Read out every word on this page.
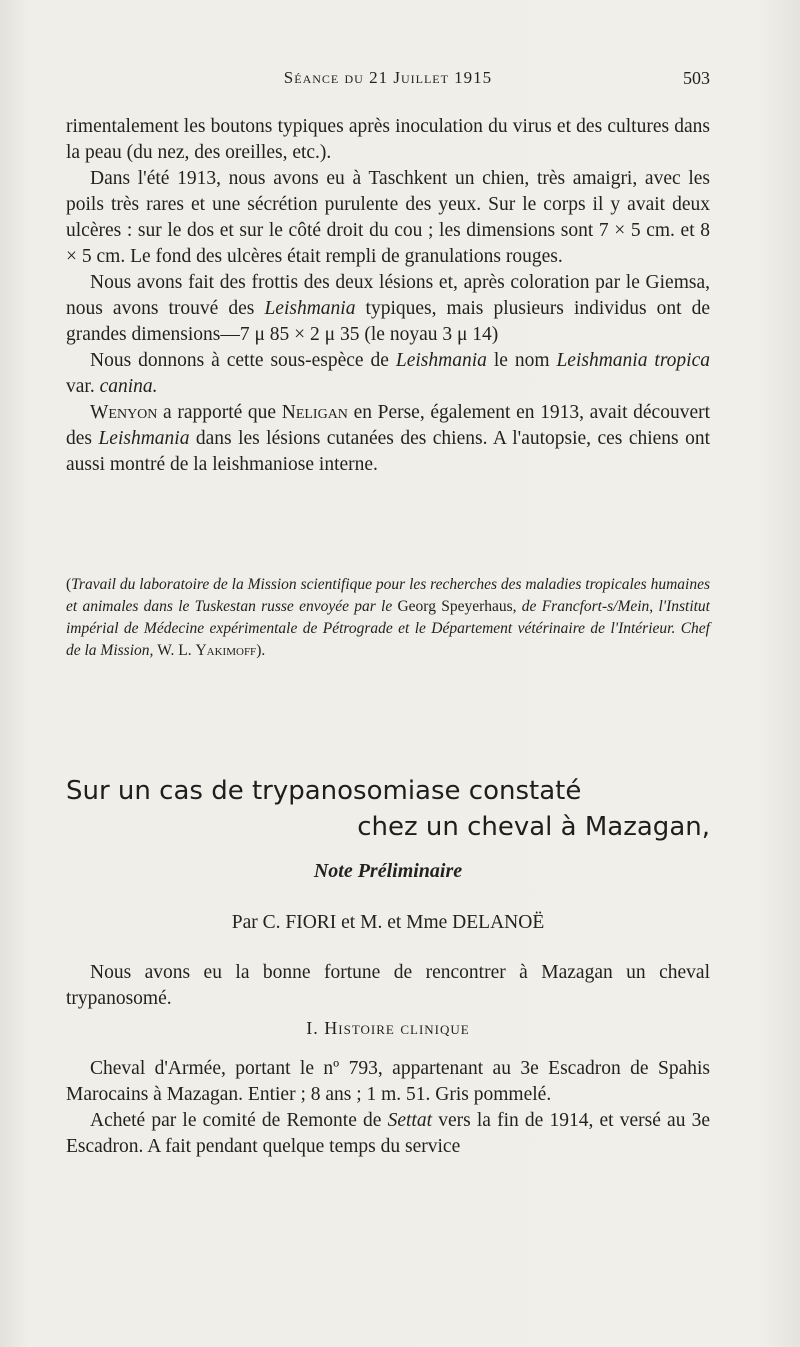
Séance du 21 Juillet 1915	503

rimentalement les boutons typiques après inoculation du virus et des cultures dans la peau (du nez, des oreilles, etc.).

Dans l'été 1913, nous avons eu à Taschkent un chien, très amaigri, avec les poils très rares et une sécrétion purulente des yeux. Sur le corps il y avait deux ulcères : sur le dos et sur le côté droit du cou ; les dimensions sont 7 × 5 cm. et 8 × 5 cm. Le fond des ulcères était rempli de granulations rouges.

Nous avons fait des frottis des deux lésions et, après coloration par le Giemsa, nous avons trouvé des Leishmania typiques, mais plusieurs individus ont de grandes dimensions—7 μ 85 × 2 μ 35 (le noyau 3 μ 14)

Nous donnons à cette sous-espèce de Leishmania le nom Leishmania tropica var. canina.

Wenyon a rapporté que Neligan en Perse, également en 1913, avait découvert des Leishmania dans les lésions cutanées des chiens. A l'autopsie, ces chiens ont aussi montré de la leishmaniose interne.

(Travail du laboratoire de la Mission scientifique pour les recherches des maladies tropicales humaines et animales dans le Tuskestan russe envoyée par le Georg Speyerhaus, de Francfort-s/Mein, l'Institut impérial de Médecine expérimentale de Pétrograde et le Département vétérinaire de l'Intérieur. Chef de la Mission, W. L. Yakimoff).
Sur un cas de trypanosomiase constaté
chez un cheval à Mazagan,
Note Préliminaire
Par C. FIORI et M. et Mme DELANOË

Nous avons eu la bonne fortune de rencontrer à Mazagan un cheval trypanosomé.

I. Histoire clinique

Cheval d'Armée, portant le nº 793, appartenant au 3e Escadron de Spahis Marocains à Mazagan. Entier ; 8 ans ; 1 m. 51. Gris pommelé.

Acheté par le comité de Remonte de Settat vers la fin de 1914, et versé au 3e Escadron. A fait pendant quelque temps du service
